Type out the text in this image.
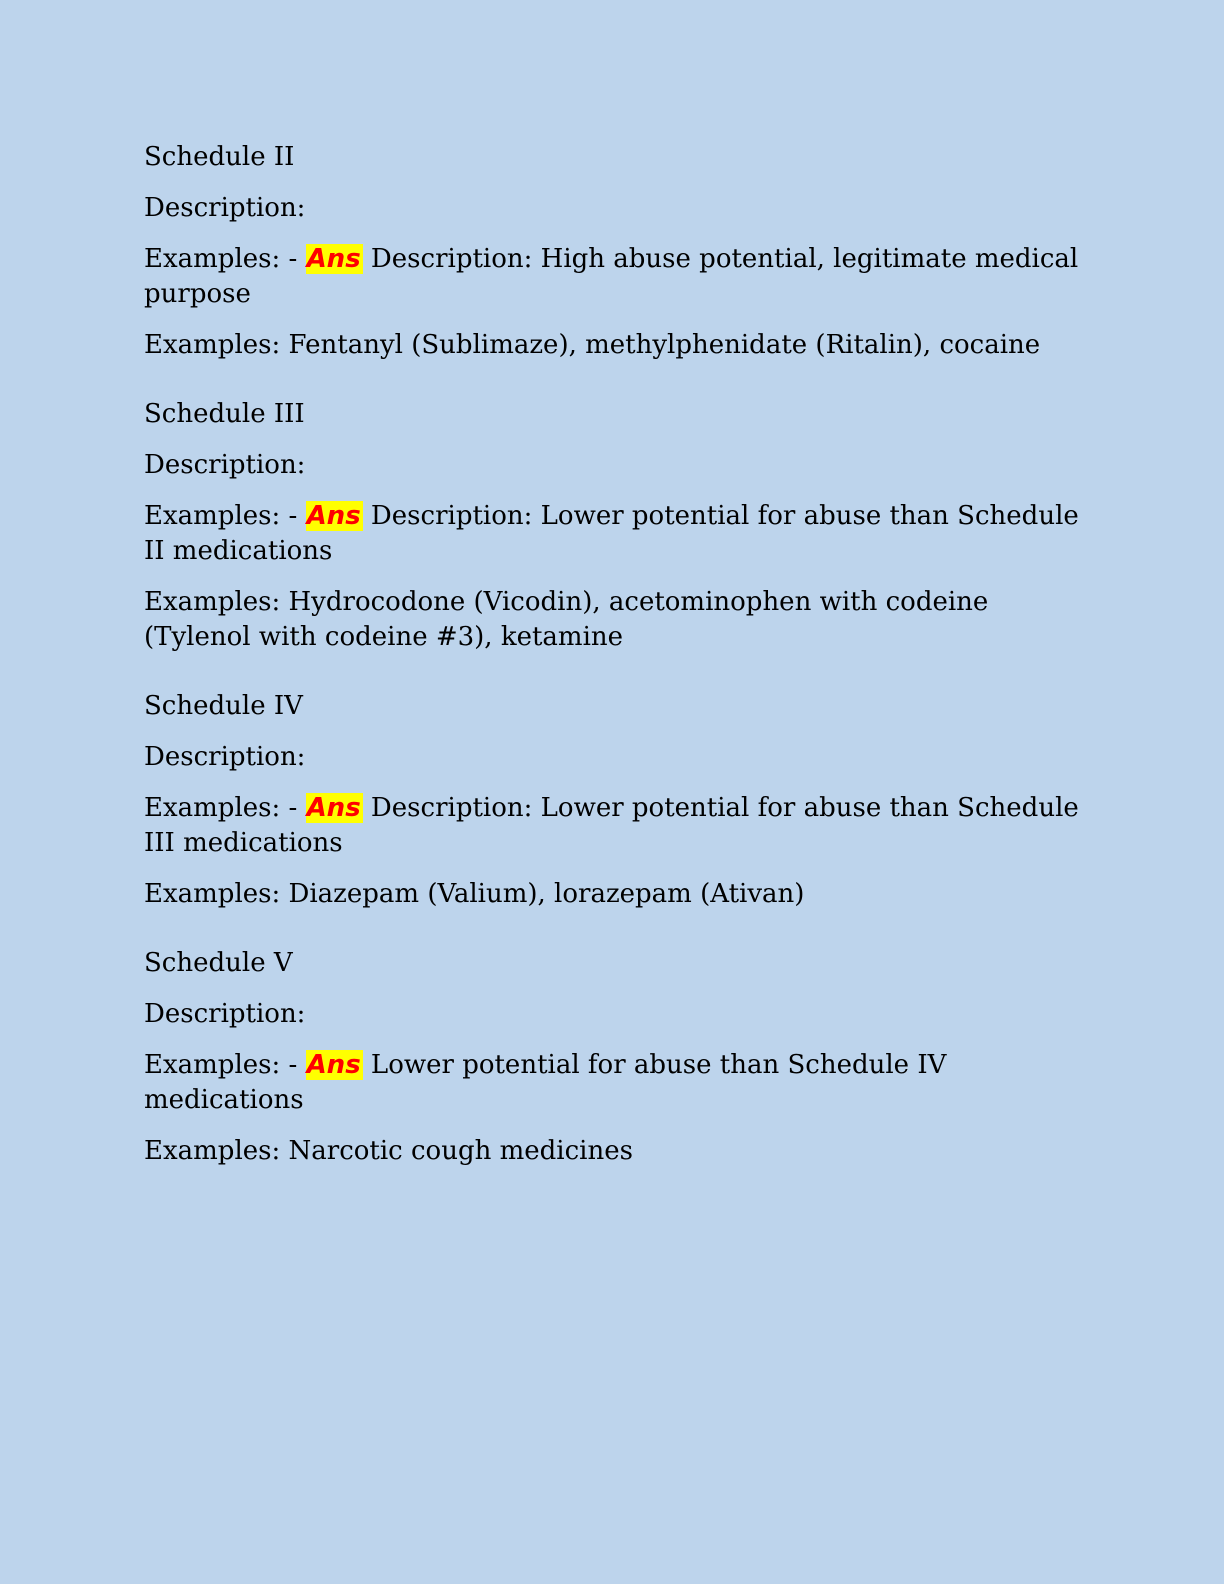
Schedule II

Description:

Examples: - Ans Description: High abuse potential, legitimate medical purpose

Examples: Fentanyl (Sublimaze), methylphenidate (Ritalin), cocaine

Schedule III

Description:

Examples: - Ans Description: Lower potential for abuse than Schedule II medications

Examples: Hydrocodone (Vicodin), acetominophen with codeine (Tylenol with codeine #3), ketamine

Schedule IV

Description:

Examples: - Ans Description: Lower potential for abuse than Schedule III medications

Examples: Diazepam (Valium), lorazepam (Ativan)

Schedule V

Description:

Examples: - Ans Lower potential for abuse than Schedule IV medications

Examples: Narcotic cough medicines
